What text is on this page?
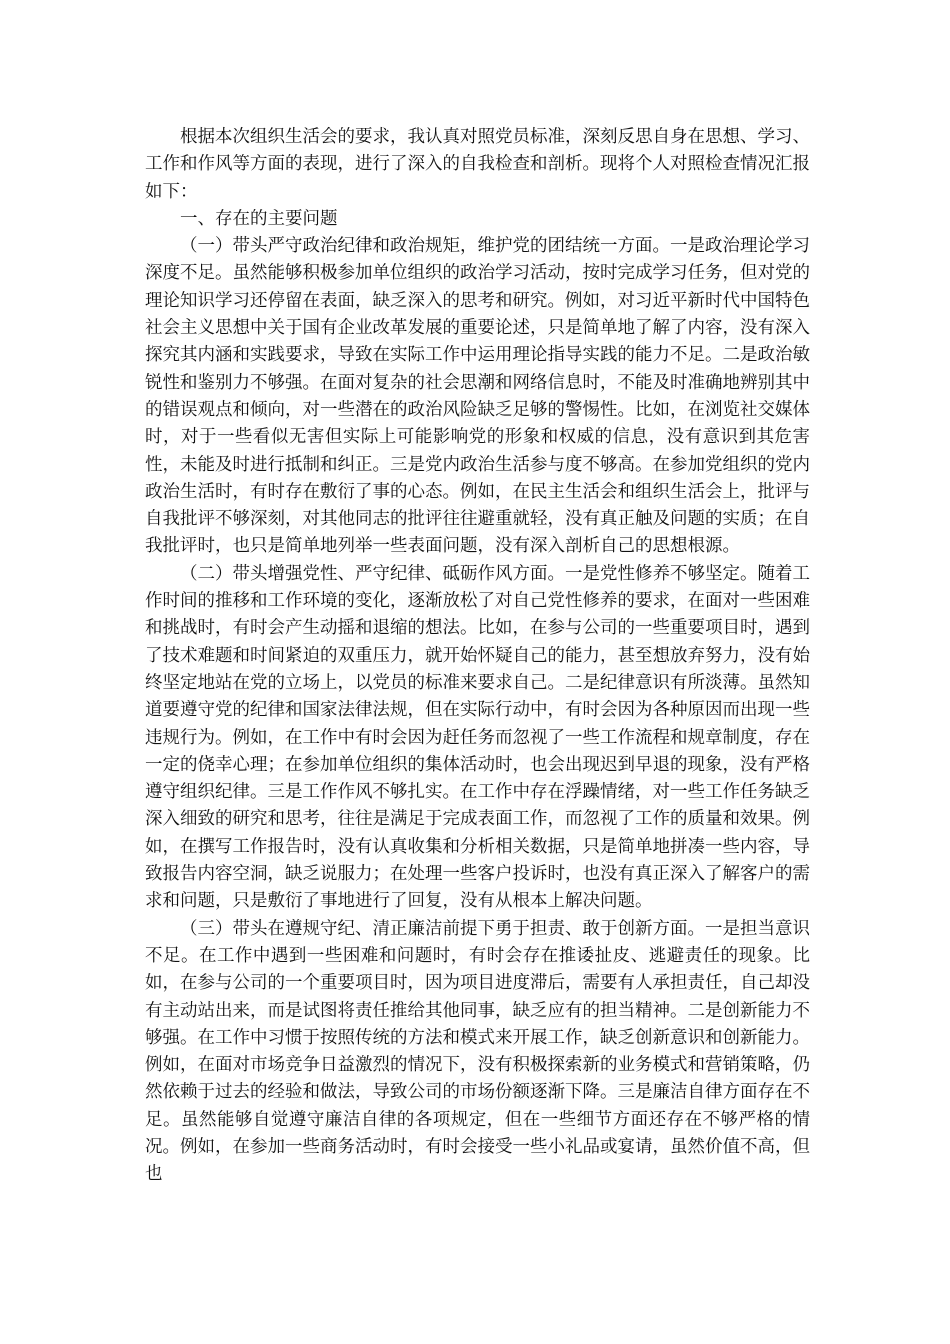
根据本次组织生活会的要求，我认真对照党员标准，深刻反思自身在思想、学习、工作和作风等方面的表现，进行了深入的自我检查和剖析。现将个人对照检查情况汇报如下：

一、存在的主要问题

（一）带头严守政治纪律和政治规矩，维护党的团结统一方面。一是政治理论学习深度不足。虽然能够积极参加单位组织的政治学习活动，按时完成学习任务，但对党的理论知识学习还停留在表面，缺乏深入的思考和研究。例如，对习近平新时代中国特色社会主义思想中关于国有企业改革发展的重要论述，只是简单地了解了内容，没有深入探究其内涵和实践要求，导致在实际工作中运用理论指导实践的能力不足。二是政治敏锐性和鉴别力不够强。在面对复杂的社会思潮和网络信息时，不能及时准确地辨别其中的错误观点和倾向，对一些潜在的政治风险缺乏足够的警惕性。比如，在浏览社交媒体时，对于一些看似无害但实际上可能影响党的形象和权威的信息，没有意识到其危害性，未能及时进行抵制和纠正。三是党内政治生活参与度不够高。在参加党组织的党内政治生活时，有时存在敷衍了事的心态。例如，在民主生活会和组织生活会上，批评与自我批评不够深刻，对其他同志的批评往往避重就轻，没有真正触及问题的实质；在自我批评时，也只是简单地列举一些表面问题，没有深入剖析自己的思想根源。

（二）带头增强党性、严守纪律、砥砺作风方面。一是党性修养不够坚定。随着工作时间的推移和工作环境的变化，逐渐放松了对自己党性修养的要求，在面对一些困难和挑战时，有时会产生动摇和退缩的想法。比如，在参与公司的一些重要项目时，遇到了技术难题和时间紧迫的双重压力，就开始怀疑自己的能力，甚至想放弃努力，没有始终坚定地站在党的立场上，以党员的标准来要求自己。二是纪律意识有所淡薄。虽然知道要遵守党的纪律和国家法律法规，但在实际行动中，有时会因为各种原因而出现一些违规行为。例如，在工作中有时会因为赶任务而忽视了一些工作流程和规章制度，存在一定的侥幸心理；在参加单位组织的集体活动时，也会出现迟到早退的现象，没有严格遵守组织纪律。三是工作作风不够扎实。在工作中存在浮躁情绪，对一些工作任务缺乏深入细致的研究和思考，往往是满足于完成表面工作，而忽视了工作的质量和效果。例如，在撰写工作报告时，没有认真收集和分析相关数据，只是简单地拼凑一些内容，导致报告内容空洞，缺乏说服力；在处理一些客户投诉时，也没有真正深入了解客户的需求和问题，只是敷衍了事地进行了回复，没有从根本上解决问题。

（三）带头在遵规守纪、清正廉洁前提下勇于担责、敢于创新方面。一是担当意识不足。在工作中遇到一些困难和问题时，有时会存在推诿扯皮、逃避责任的现象。比如，在参与公司的一个重要项目时，因为项目进度滞后，需要有人承担责任，自己却没有主动站出来，而是试图将责任推给其他同事，缺乏应有的担当精神。二是创新能力不够强。在工作中习惯于按照传统的方法和模式来开展工作，缺乏创新意识和创新能力。例如，在面对市场竞争日益激烈的情况下，没有积极探索新的业务模式和营销策略，仍然依赖于过去的经验和做法，导致公司的市场份额逐渐下降。三是廉洁自律方面存在不足。虽然能够自觉遵守廉洁自律的各项规定，但在一些细节方面还存在不够严格的情况。例如，在参加一些商务活动时，有时会接受一些小礼品或宴请，虽然价值不高，但也
